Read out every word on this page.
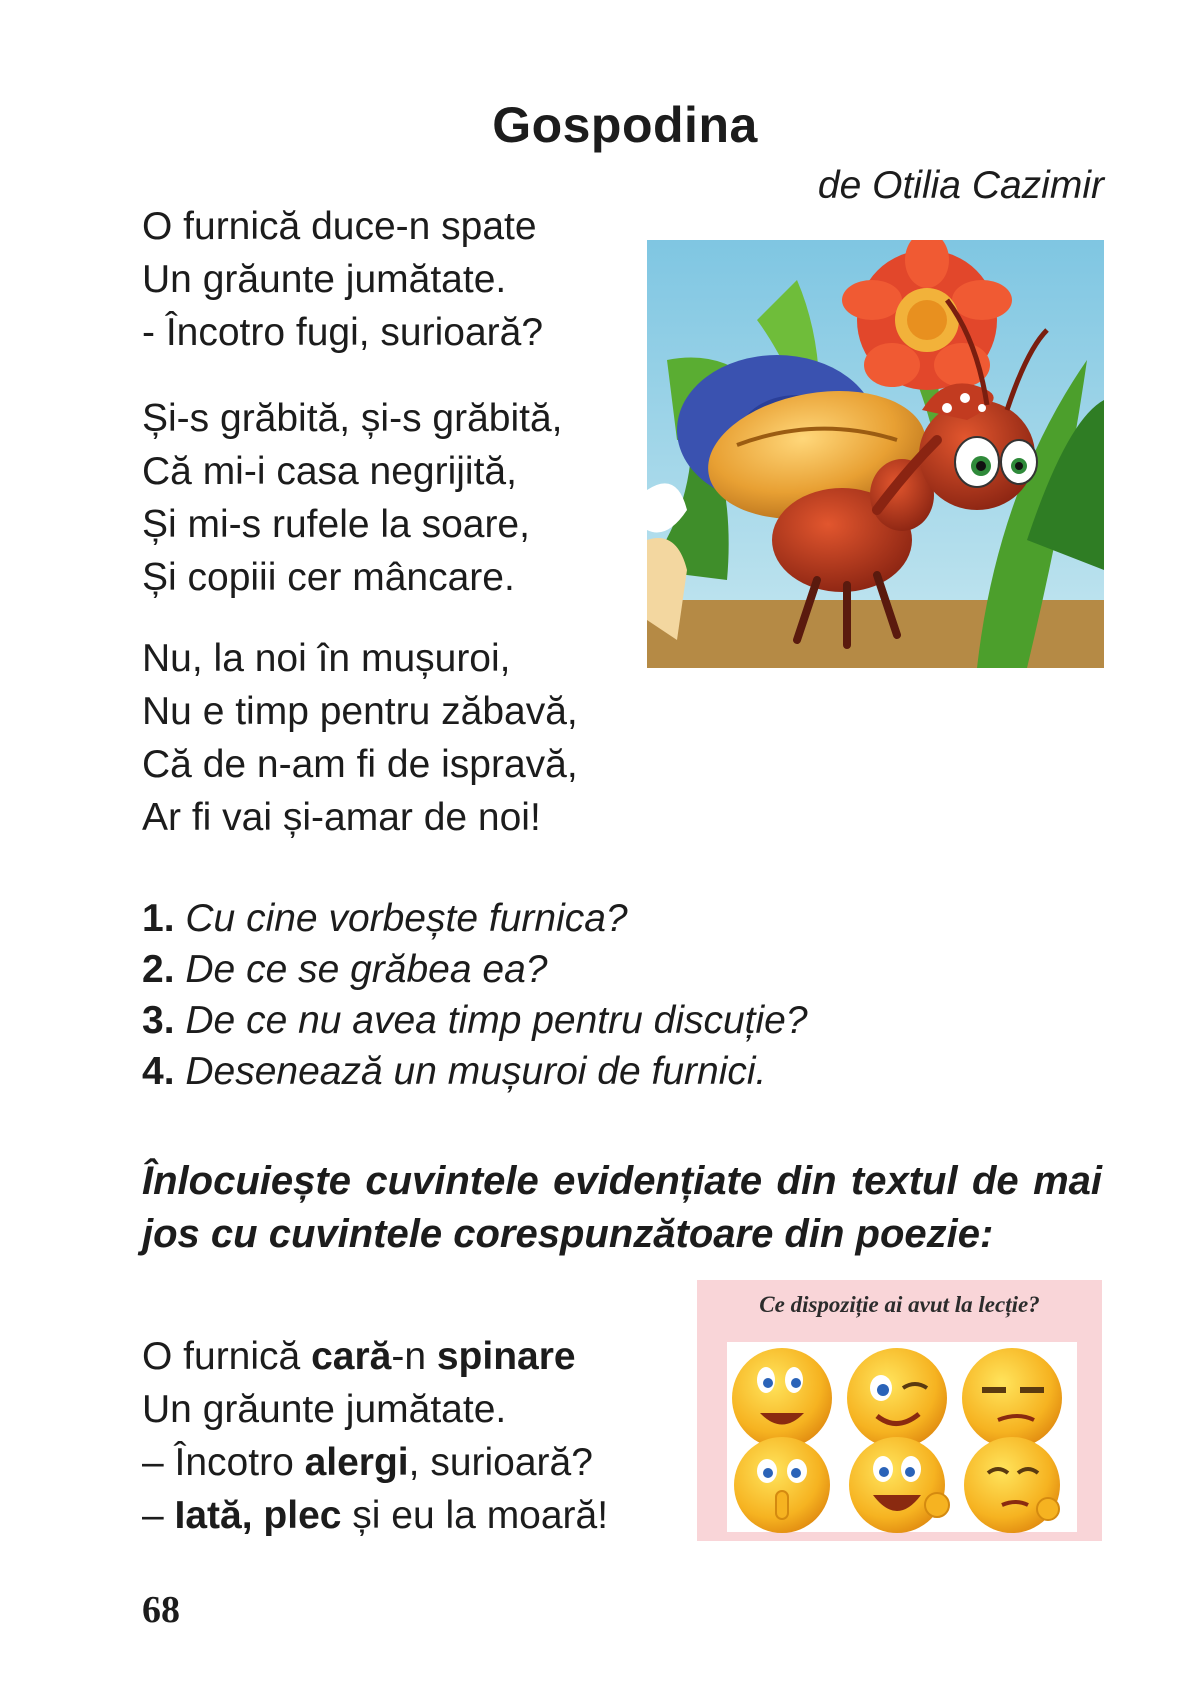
Gospodina
de Otilia Cazimir
O furnică duce-n spate
Un grăunte jumătate.
- Încotro fugi, surioară?
Și-s grăbită, și-s grăbită,
Că mi-i casa negrijită,
Și mi-s rufele la soare,
Și copiii cer mâncare.
Nu, la noi în mușuroi,
Nu e timp pentru zăbavă,
Că de n-am fi de ispravă,
Ar fi vai și-amar de noi!
1. Cu cine vorbește furnica?
2. De ce se grăbea ea?
3. De ce nu avea timp pentru discuție?
4. Desenează un mușuroi de furnici.
Înlocuiește cuvintele evidențiate din textul de mai jos cu cuvintele corespunzătoare din poezie:
O furnică cară-n spinare
Un grăunte jumătate.
– Încotro alergi, surioară?
– Iată, plec și eu la moară!
Ce dispoziție ai avut la lecție?
68
